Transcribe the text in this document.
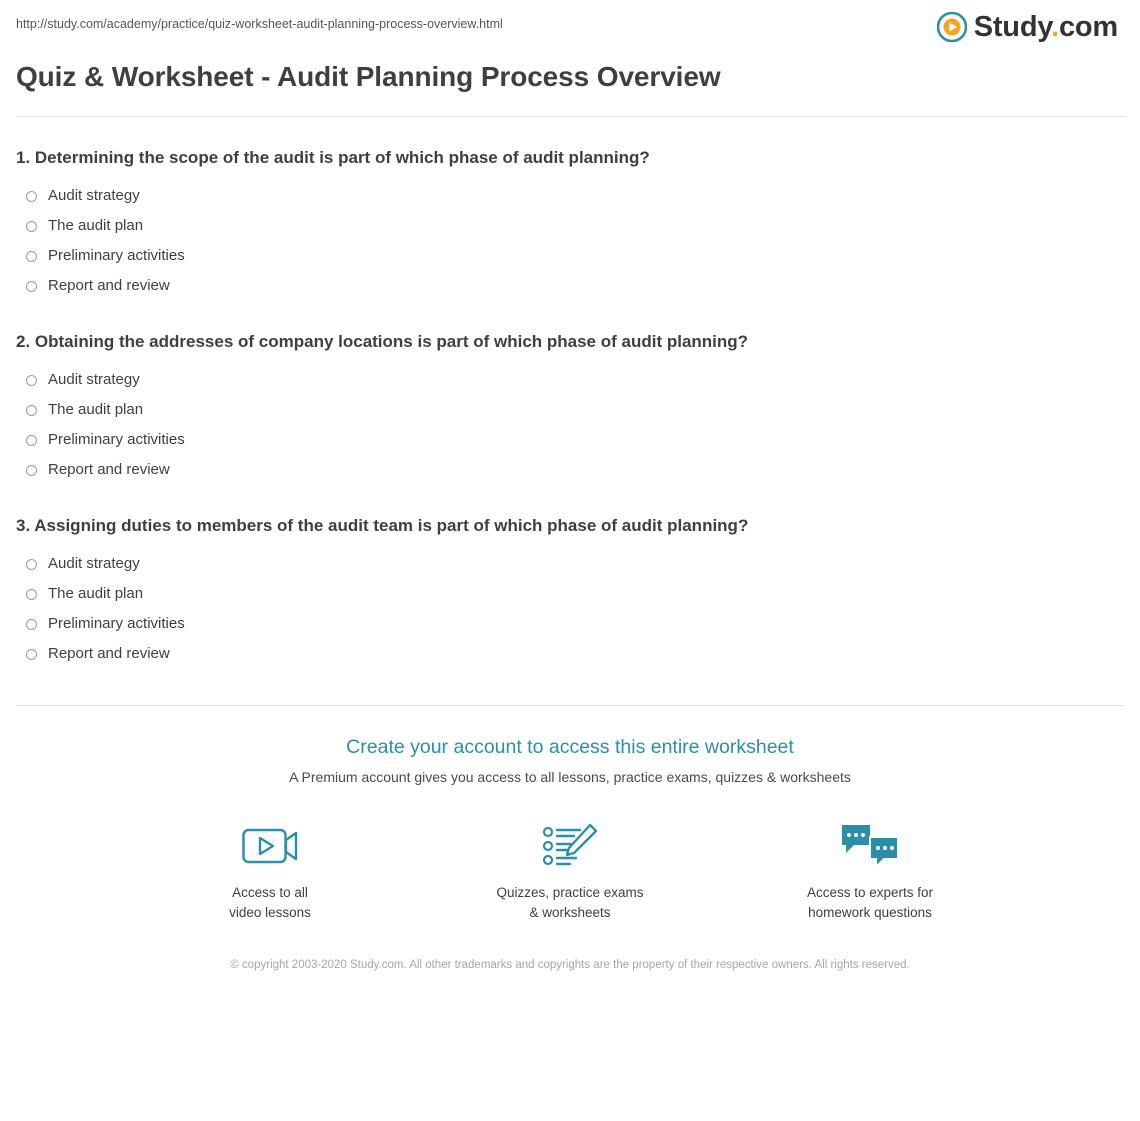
http://study.com/academy/practice/quiz-worksheet-audit-planning-process-overview.html	Study.com
Quiz & Worksheet - Audit Planning Process Overview

1. Determining the scope of the audit is part of which phase of audit planning?

Audit strategy
The audit plan
Preliminary activities
Report and review

2. Obtaining the addresses of company locations is part of which phase of audit planning?

Audit strategy
The audit plan
Preliminary activities
Report and review

3. Assigning duties to members of the audit team is part of which phase of audit planning?

Audit strategy
The audit plan
Preliminary activities
Report and review
Create your account to access this entire worksheet
A Premium account gives you access to all lessons, practice exams, quizzes & worksheets
Access to all
video lessons
Quizzes, practice exams
& worksheets
Access to experts for
homework questions
© copyright 2003-2020 Study.com. All other trademarks and copyrights are the property of their respective owners. All rights reserved.
